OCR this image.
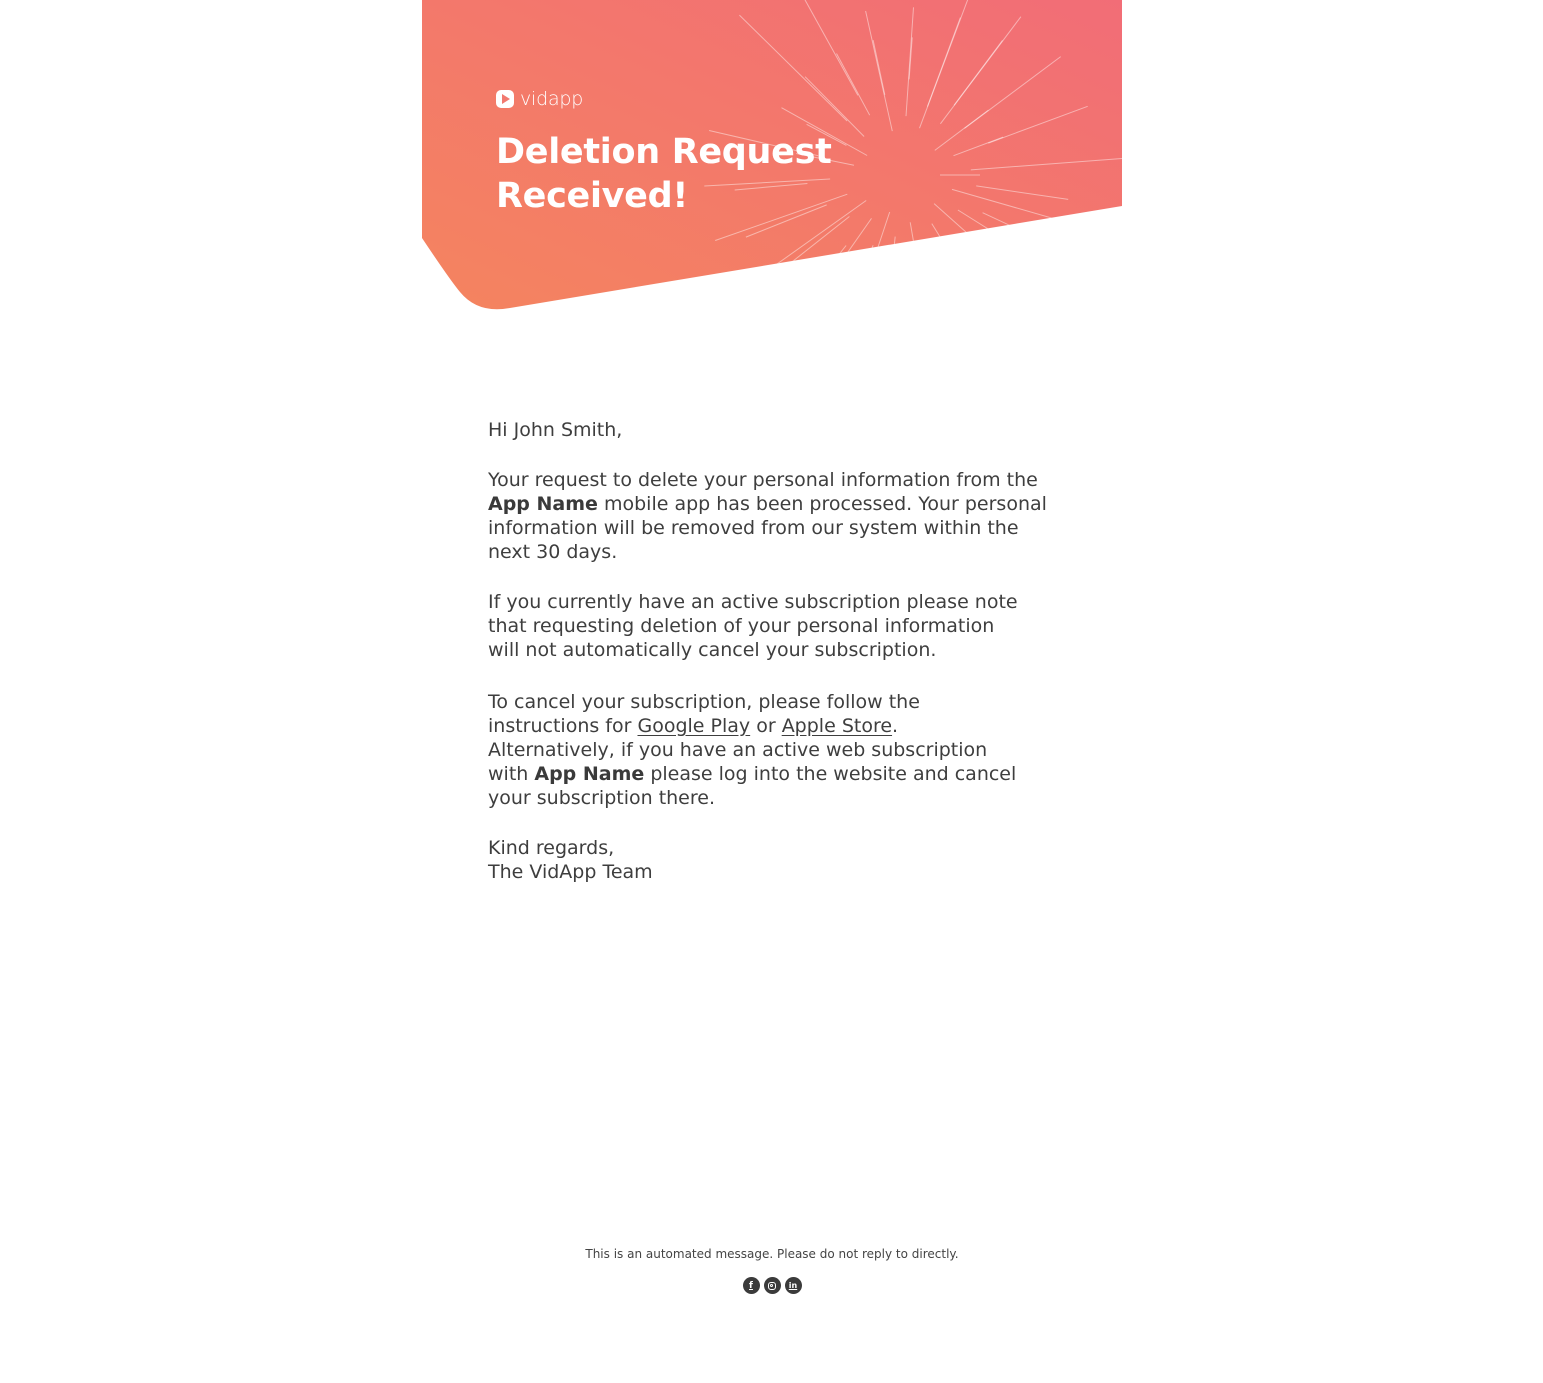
vidapp
Deletion Request
Received!

Hi John Smith,

Your request to delete your personal information from the
App Name mobile app has been processed. Your personal information will be removed from our system within the next 30 days.

If you currently have an active subscription please note that requesting deletion of your personal information will not automatically cancel your subscription.

To cancel your subscription, please follow the instructions for Google Play or Apple Store. Alternatively, if you have an active web subscription with App Name please log into the website and cancel your subscription there.

Kind regards,

The VidApp Team

This is an automated message. Please do not reply to directly.
f	in
